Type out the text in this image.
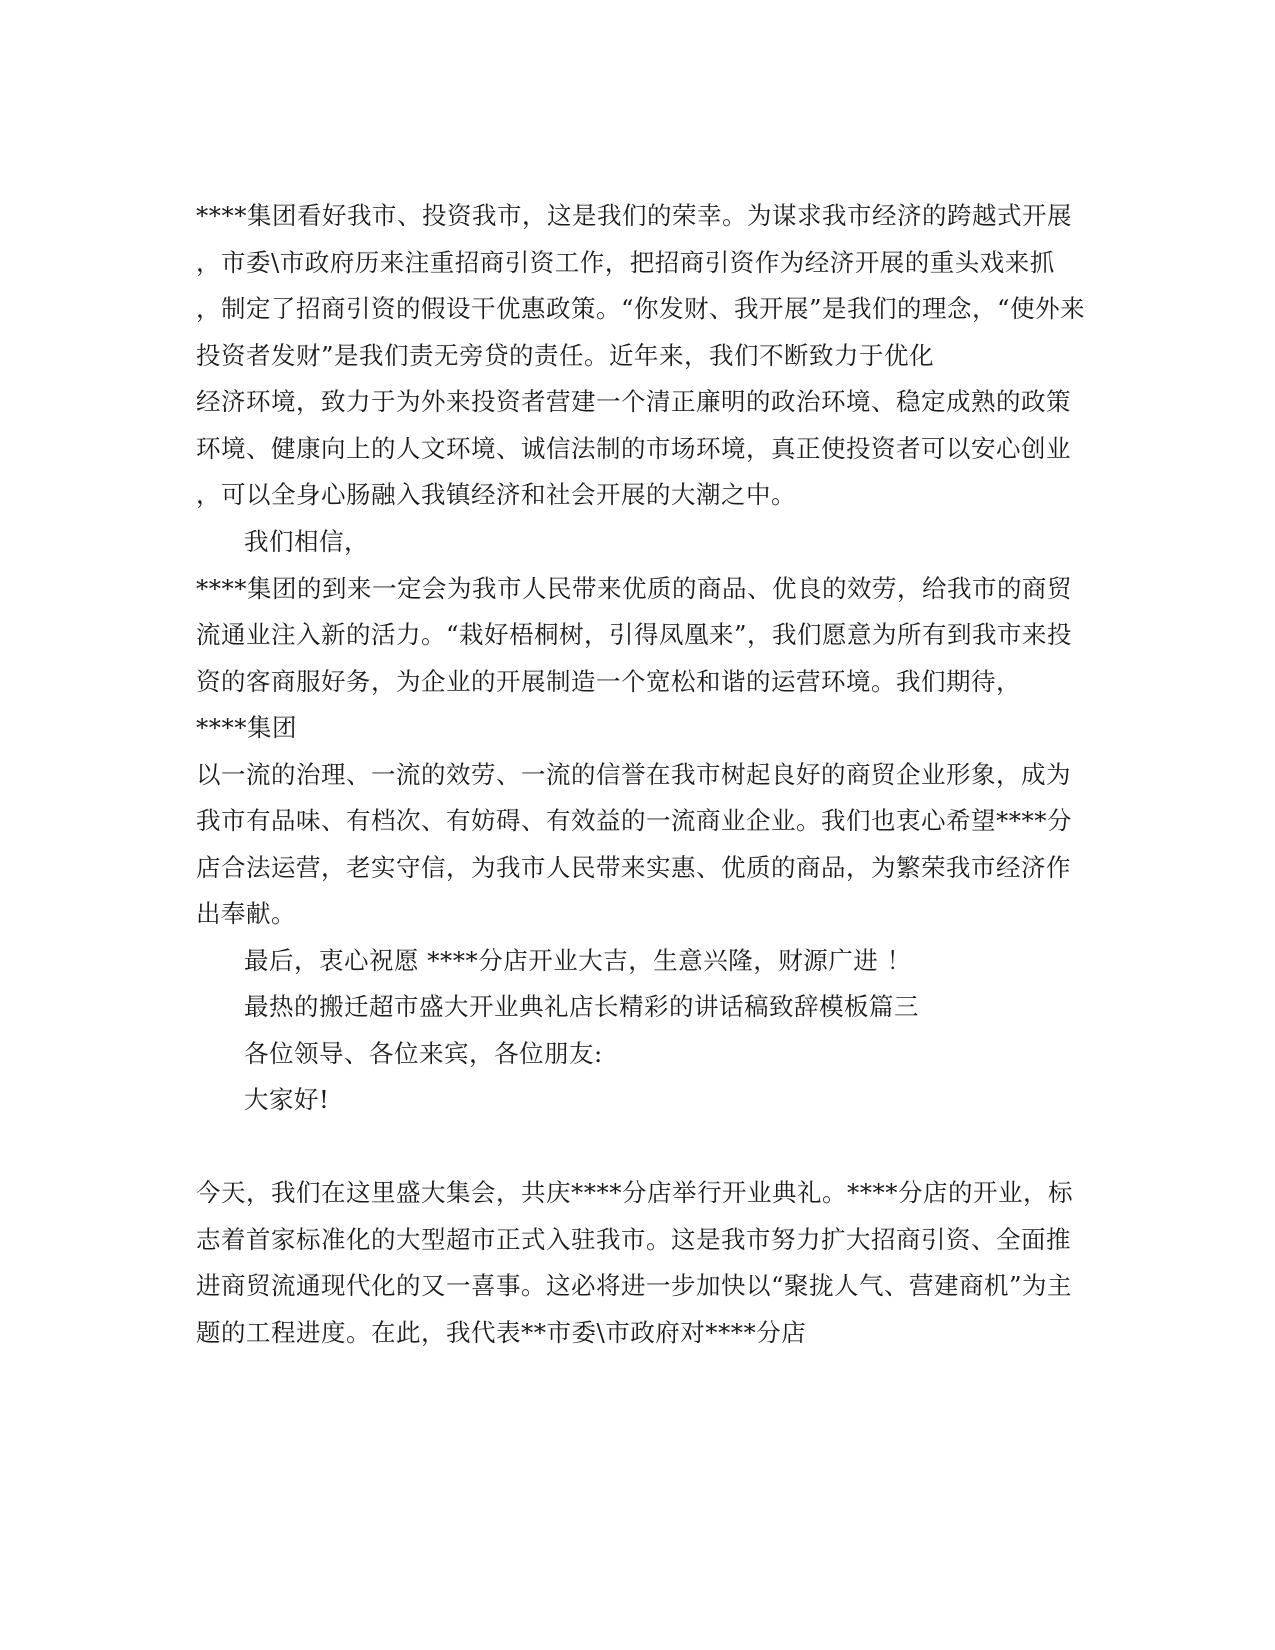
****集团看好我市、投资我市，这是我们的荣幸。为谋求我市经济的跨越式开展
，市委\市政府历来注重招商引资工作，把招商引资作为经济开展的重头戏来抓
，制定了招商引资的假设干优惠政策。“你发财、我开展”是我们的理念，“使外来
投资者发财”是我们责无旁贷的责任。近年来，我们不断致力于优化
经济环境，致力于为外来投资者营建一个清正廉明的政治环境、稳定成熟的政策
环境、健康向上的人文环境、诚信法制的市场环境，真正使投资者可以安心创业
，可以全身心肠融入我镇经济和社会开展的大潮之中。
我们相信，
****集团的到来一定会为我市人民带来优质的商品、优良的效劳，给我市的商贸
流通业注入新的活力。“栽好梧桐树，引得凤凰来”，我们愿意为所有到我市来投
资的客商服好务，为企业的开展制造一个宽松和谐的运营环境。我们期待，
****集团
以一流的治理、一流的效劳、一流的信誉在我市树起良好的商贸企业形象，成为
我市有品味、有档次、有妨碍、有效益的一流商业企业。我们也衷心希望****分
店合法运营，老实守信，为我市人民带来实惠、优质的商品，为繁荣我市经济作
出奉献。
最后，衷心祝愿 ****分店开业大吉，生意兴隆，财源广进 ！
最热的搬迁超市盛大开业典礼店长精彩的讲话稿致辞模板篇三
各位领导、各位来宾，各位朋友:
大家好!
今天，我们在这里盛大集会，共庆****分店举行开业典礼。****分店的开业，标
志着首家标准化的大型超市正式入驻我市。这是我市努力扩大招商引资、全面推
进商贸流通现代化的又一喜事。这必将进一步加快以“聚拢人气、营建商机”为主
题的工程进度。在此，我代表**市委\市政府对****分店
